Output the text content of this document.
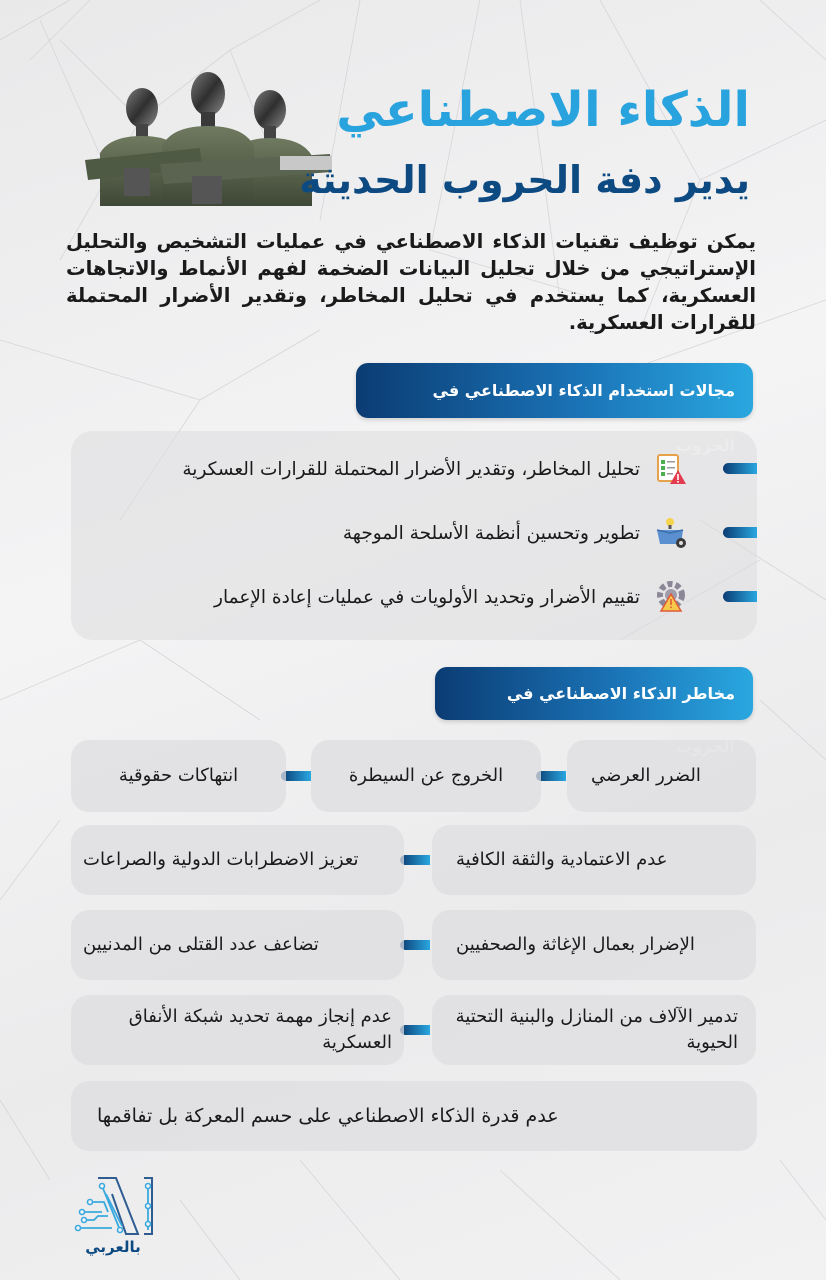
الذكاء الاصطناعي
يدير دفة الحروب الحديثة
يمكن توظيف تقنيات الذكاء الاصطناعي في عمليات التشخيص والتحليل الإستراتيجي من خلال تحليل البيانات الضخمة لفهم الأنماط والاتجاهات العسكرية، كما يستخدم في تحليل المخاطر، وتقدير الأضرار المحتملة للقرارات العسكرية.
مجالات استخدام الذكاء الاصطناعي في
تحليل المخاطر، وتقدير الأضرار المحتملة للقرارات العسكرية
تطوير وتحسين أنظمة الأسلحة الموجهة
تقييم الأضرار وتحديد الأولويات في عمليات إعادة الإعمار
مخاطر الذكاء الاصطناعي في
الضرر العرضي
الخروج عن السيطرة
انتهاكات حقوقية
عدم الاعتمادية والثقة الكافية
تعزيز الاضطرابات الدولية والصراعات
الإضرار بعمال الإغاثة والصحفيين
تضاعف عدد القتلى من المدنيين
تدمير الآلاف من المنازل والبنية التحتية الحيوية
عدم إنجاز مهمة تحديد شبكة الأنفاق العسكرية
عدم قدرة الذكاء الاصطناعي على حسم المعركة بل تفاقمها
بالعربي
